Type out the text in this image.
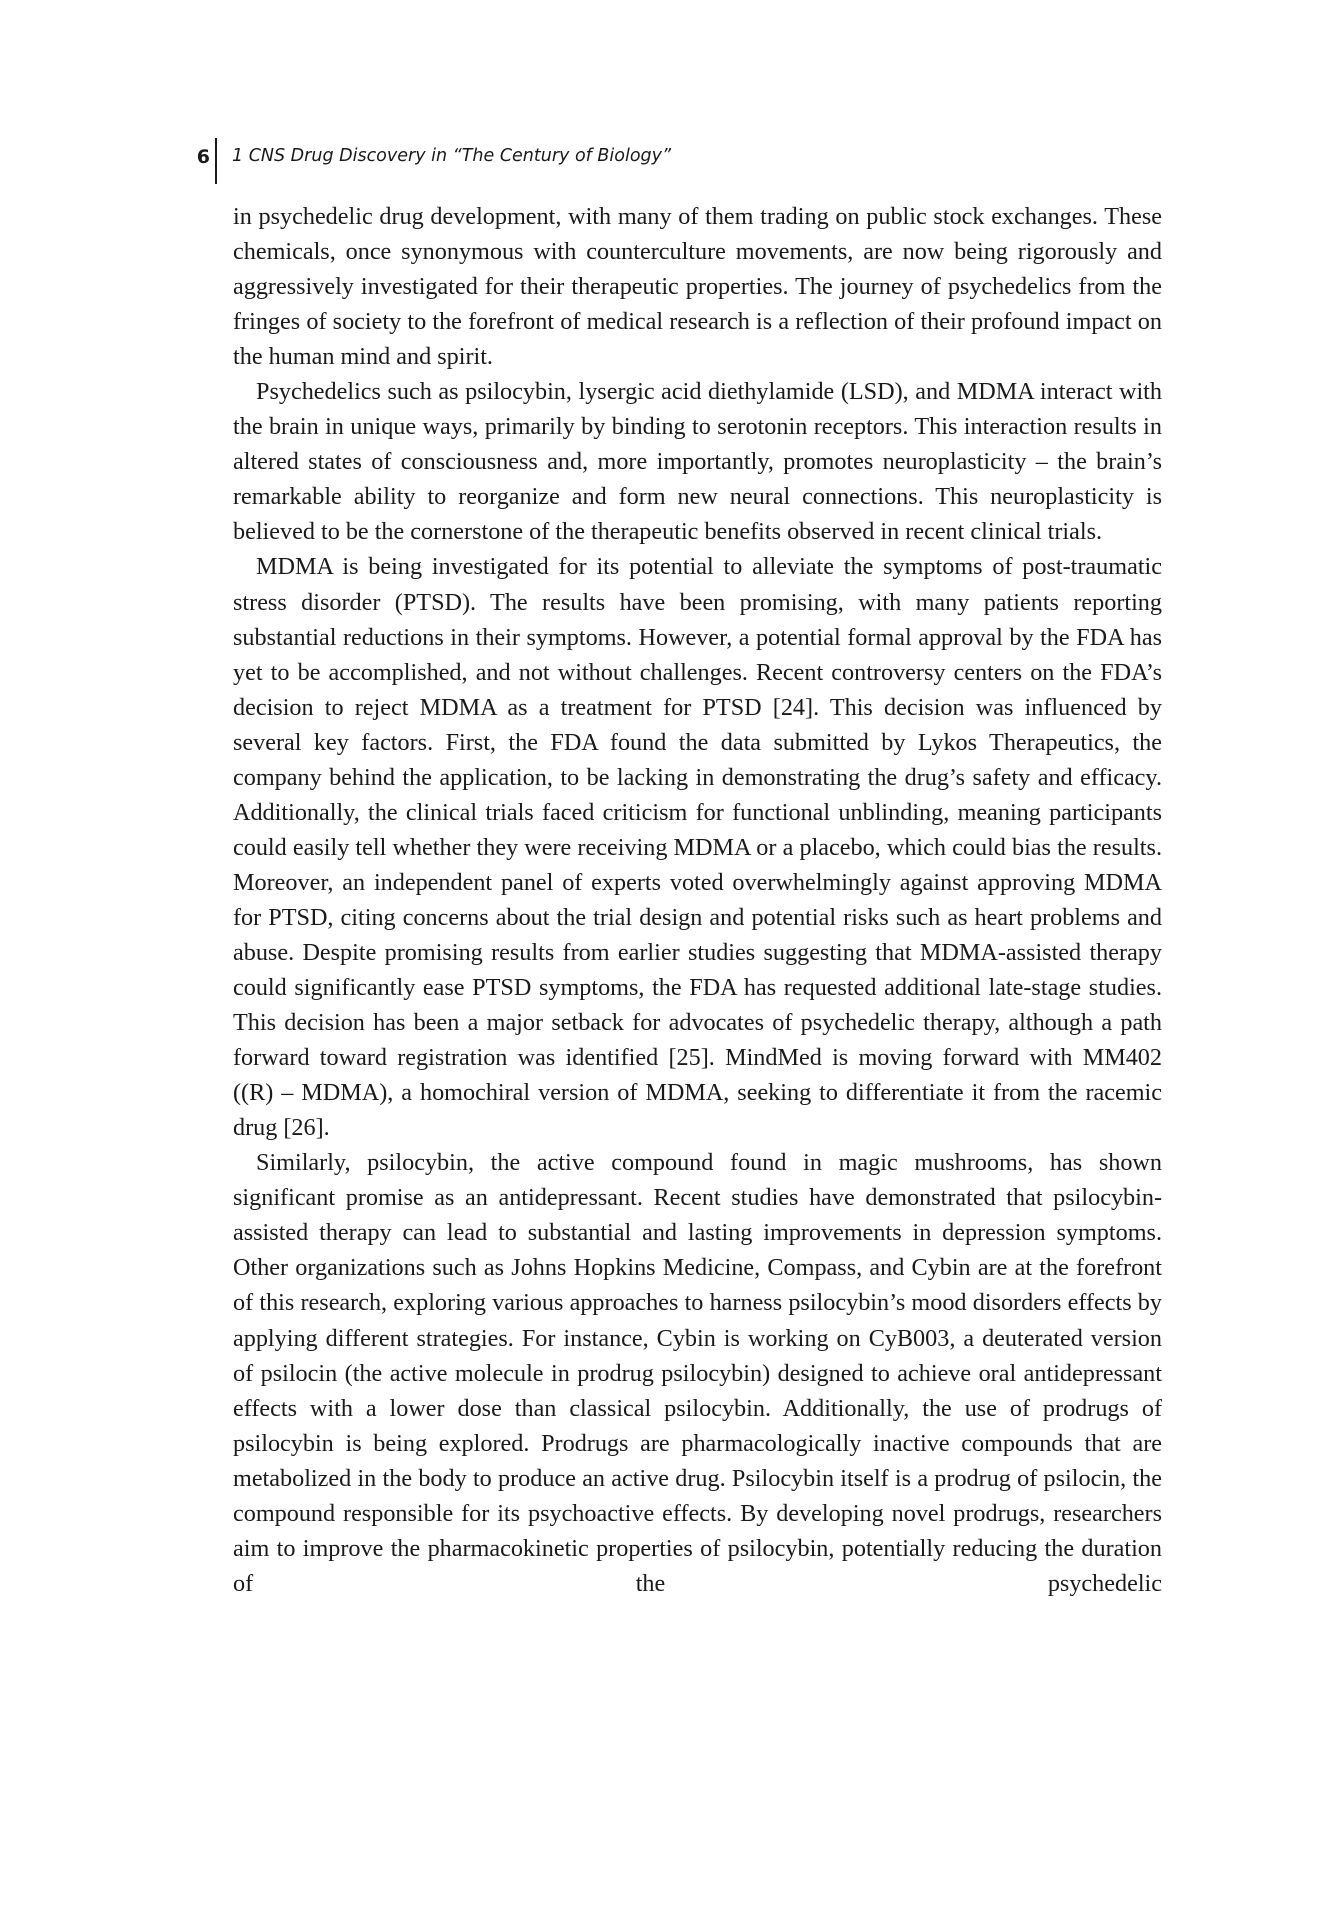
6 1 CNS Drug Discovery in “The Century of Biology”

in psychedelic drug development, with many of them trading on public stock exchanges. These chemicals, once synonymous with counterculture movements, are now being rigorously and aggressively investigated for their therapeutic properties. The journey of psychedelics from the fringes of society to the forefront of medical research is a reflection of their profound impact on the human mind and spirit.

Psychedelics such as psilocybin, lysergic acid diethylamide (LSD), and MDMA interact with the brain in unique ways, primarily by binding to serotonin receptors. This interaction results in altered states of consciousness and, more importantly, promotes neuroplasticity – the brain’s remarkable ability to reorganize and form new neural connections. This neuroplasticity is believed to be the cornerstone of the therapeutic benefits observed in recent clinical trials.

MDMA is being investigated for its potential to alleviate the symptoms of post-traumatic stress disorder (PTSD). The results have been promising, with many patients reporting substantial reductions in their symptoms. However, a potential formal approval by the FDA has yet to be accomplished, and not without challenges. Recent controversy centers on the FDA’s decision to reject MDMA as a treatment for PTSD [24]. This decision was influenced by several key factors. First, the FDA found the data submitted by Lykos Therapeutics, the company behind the application, to be lacking in demonstrating the drug’s safety and efficacy. Additionally, the clinical trials faced criticism for functional unblinding, meaning participants could easily tell whether they were receiving MDMA or a placebo, which could bias the results. Moreover, an independent panel of experts voted overwhelmingly against approving MDMA for PTSD, citing concerns about the trial design and potential risks such as heart problems and abuse. Despite promising results from earlier studies suggesting that MDMA-assisted therapy could significantly ease PTSD symptoms, the FDA has requested additional late-stage studies. This decision has been a major setback for advocates of psychedelic therapy, although a path forward toward registration was identified [25]. MindMed is moving forward with MM402 ((R) – MDMA), a homochiral version of MDMA, seeking to differentiate it from the racemic drug [26].

Similarly, psilocybin, the active compound found in magic mushrooms, has shown significant promise as an antidepressant. Recent studies have demonstrated that psilocybin-assisted therapy can lead to substantial and lasting improvements in depression symptoms. Other organizations such as Johns Hopkins Medicine, Compass, and Cybin are at the forefront of this research, exploring various approaches to harness psilocybin’s mood disorders effects by applying different strategies. For instance, Cybin is working on CyB003, a deuterated version of psilocin (the active molecule in prodrug psilocybin) designed to achieve oral antidepressant effects with a lower dose than classical psilocybin. Additionally, the use of prodrugs of psilocybin is being explored. Prodrugs are pharmacologically inactive compounds that are metabolized in the body to produce an active drug. Psilocybin itself is a prodrug of psilocin, the compound responsible for its psychoactive effects. By developing novel prodrugs, researchers aim to improve the pharmacokinetic properties of psilocybin, potentially reducing the duration of the psychedelic
